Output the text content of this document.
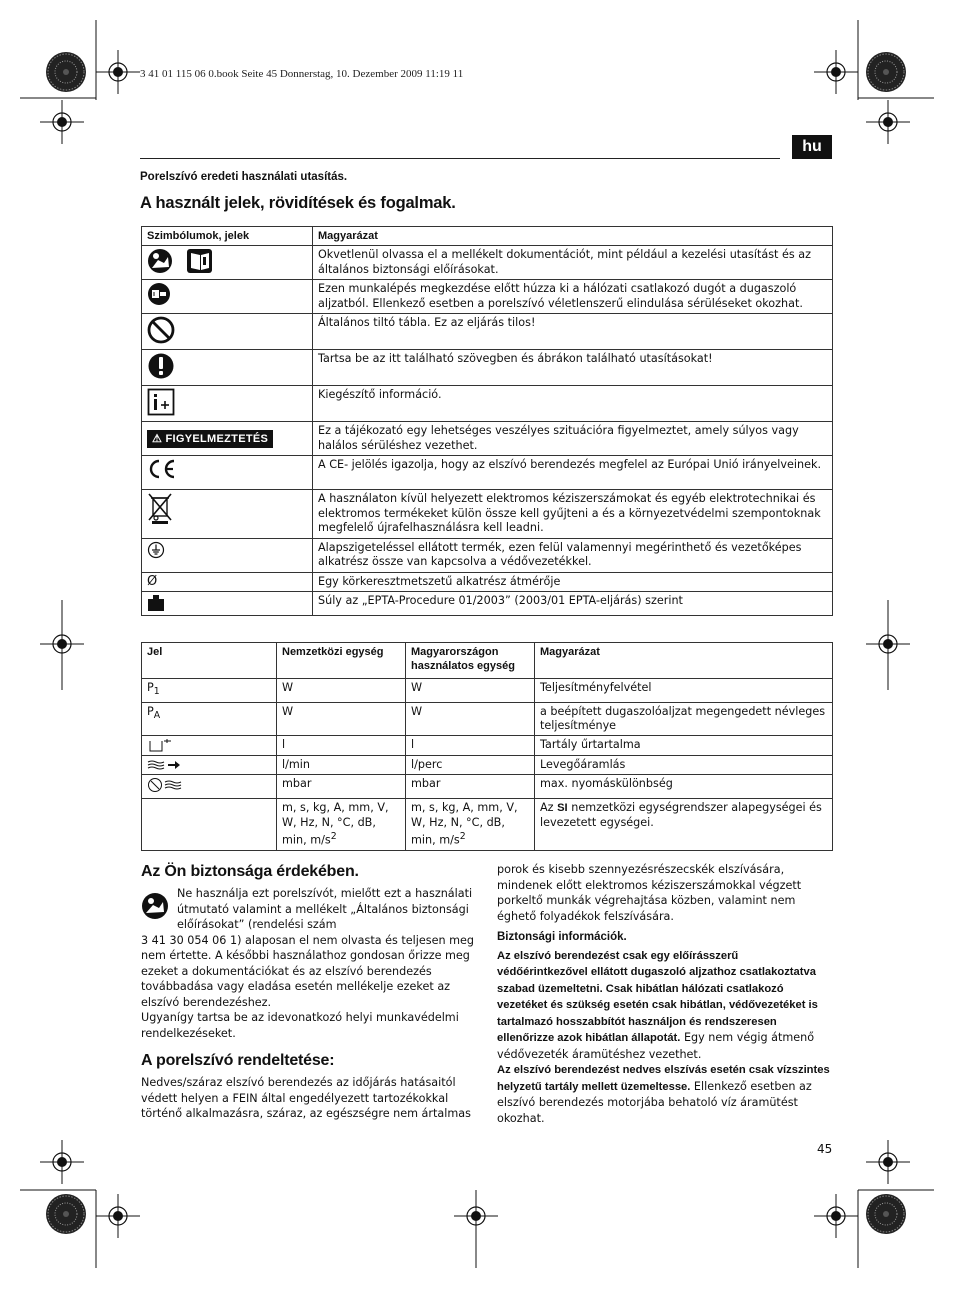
3 41 01 115 06 0.book Seite 45 Donnerstag, 10. Dezember 2009 11:19 11
hu
Porelszívó eredeti használati utasítás.
A használt jelek, rövidítések és fogalmak.
Szimbólumok, jelek	Magyarázat
	Okvetlenül olvassa el a mellékelt dokumentációt, mint például a kezelési utasítást és az általános biztonsági előírásokat.
	Ezen munkalépés megkezdése előtt húzza ki a hálózati csatlakozó dugót a dugaszoló aljzatból. Ellenkező esetben a porelszívó véletlenszerű elindulása sérüléseket okozhat.
	Általános tiltó tábla. Ez az eljárás tilos!
	Tartsa be az itt található szövegben és ábrákon található utasításokat!
	Kiegészítő információ.
⚠ FIGYELMEZTETÉS	Ez a tájékozató egy lehetséges veszélyes szituációra figyelmeztet, amely súlyos vagy halálos sérüléshez vezethet.
	A CE- jelölés igazolja, hogy az elszívó berendezés megfelel az Európai Unió irányelveinek.
	A használaton kívül helyezett elektromos kéziszerszámokat és egyéb elektrotechnikai és elektromos termékeket külön össze kell gyűjteni a és a környezetvédelmi szempontoknak megfelelő újrafelhasználásra kell leadni.
	Alapszigeteléssel ellátott termék, ezen felül valamennyi megérinthető és vezetőképes alkatrész össze van kapcsolva a védővezetékkel.
Ø	Egy körkeresztmetszetű alkatrész átmérője
	Súly az „EPTA-Procedure 01/2003” (2003/01 EPTA-eljárás) szerint
Jel	Nemzetközi egység	Magyarországon használatos egység	Magyarázat
$P_1$	W	W	Teljesítményfelvétel
$P_A$	W	W	a beépített dugaszolóaljzat megengedett névleges teljesítménye
	l	l	Tartály űrtartalma
	l/min	l/perc	Levegőáramlás
	mbar	mbar	max. nyomáskülönbség
	m, s, kg, A, mm, V, W, Hz, N, °C, dB, min, $m/s^2$	m, s, kg, A, mm, V, W, Hz, N, °C, dB, min, $m/s^2$	Az SI nemzetközi egységrendszer alapegységei és levezetett egységei.
Az Ön biztonsága érdekében.

Ne használja ezt porelszívót, mielőtt ezt a használati útmutató valamint a mellékelt „Általános biztonsági előírásokat” (rendelési szám

3 41 30 054 06 1) alaposan el nem olvasta és teljesen meg nem értette. A későbbi használathoz gondosan őrizze meg ezeket a dokumentációkat és az elszívó berendezés továbbadása vagy eladása esetén mellékelje ezeket az elszívó berendezéshez.

Ugyanígy tartsa be az idevonatkozó helyi munkavédelmi rendelkezéseket.

A porelszívó rendeltetése:

Nedves/száraz elszívó berendezés az időjárás hatásaitól védett helyen a FEIN által engedélyezett tartozékokkal történő alkalmazásra, száraz, az egészségre nem ártalmas

porok és kisebb szennyezésrészecskék elszívására, mindenek előtt elektromos kéziszerszámokkal végzett porkeltő munkák végrehajtása közben, valamint nem éghető folyadékok felszívására.

Biztonsági információk.

Az elszívó berendezést csak egy előírásszerű védőérintkezővel ellátott dugaszoló aljzathoz csatlakoztatva szabad üzemeltetni. Csak hibátlan hálózati csatlakozó vezetéket és szükség esetén csak hibátlan, védővezetéket is tartalmazó hosszabbítót használjon és rendszeresen ellenőrizze azok hibátlan állapotát. Egy nem végig átmenő védővezeték áramütéshez vezethet.

Az elszívó berendezést nedves elszívás esetén csak vízszintes helyzetű tartály mellett üzemeltesse. Ellenkező esetben az elszívó berendezés motorjába behatoló víz áramütést okozhat.

45
